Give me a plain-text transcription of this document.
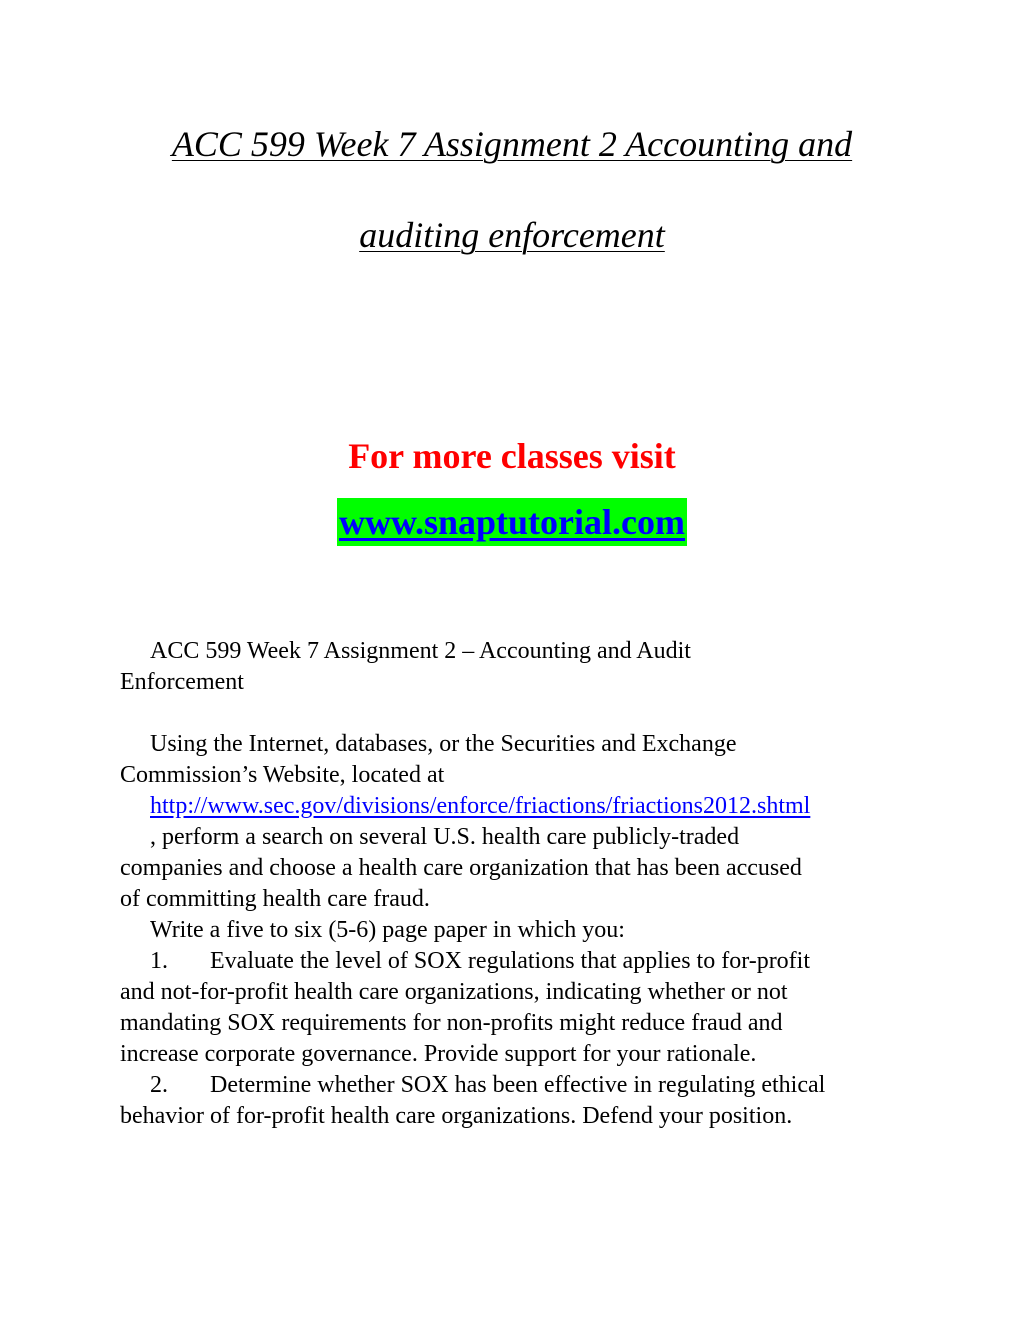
ACC 599 Week 7 Assignment 2 Accounting and
auditing enforcement
For more classes visit
www.snaptutorial.com
ACC 599 Week 7 Assignment 2 – Accounting and Audit
Enforcement
Using the Internet, databases, or the Securities and Exchange
Commission’s Website, located at
http://www.sec.gov/divisions/enforce/friactions/friactions2012.shtml
, perform a search on several U.S. health care publicly-traded
companies and choose a health care organization that has been accused
of committing health care fraud.
Write a five to six (5-6) page paper in which you:
1. Evaluate the level of SOX regulations that applies to for-profit
and not-for-profit health care organizations, indicating whether or not
mandating SOX requirements for non-profits might reduce fraud and
increase corporate governance. Provide support for your rationale.
2. Determine whether SOX has been effective in regulating ethical
behavior of for-profit health care organizations. Defend your position.
